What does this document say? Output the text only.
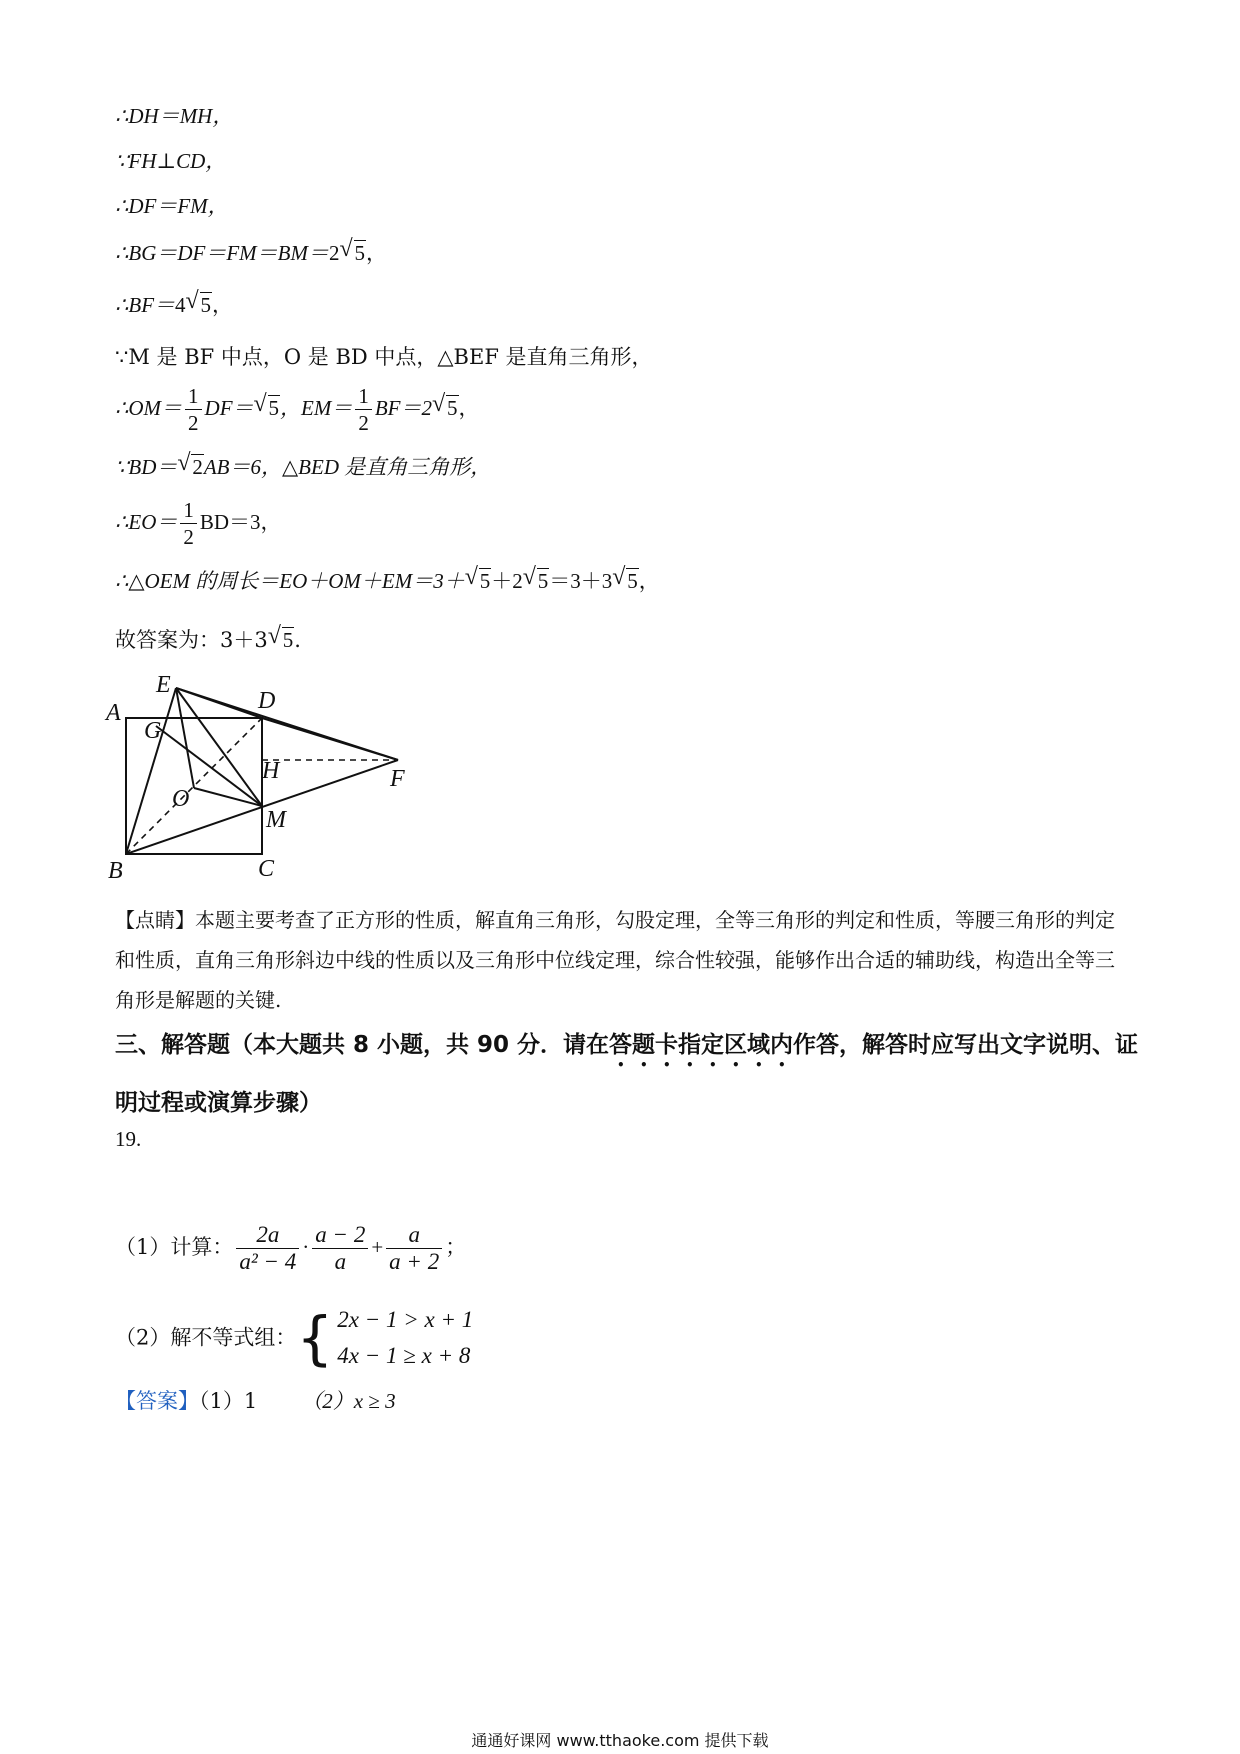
∴DH＝MH，
∵FH⊥CD，
∴DF＝FM，
∴BG＝DF＝FM＝BM＝2√ 5，
∴BF＝4√ 5，
∵M 是 BF 中点，O 是 BD 中点，△BEF 是直角三角形，
∴OM＝ $\frac{1}{2} DF=√$ 5，$EM= \frac{1}{2} BF=2√$ 5，
∵BD＝√ 2AB＝6，△BED 是直角三角形，
∴EO＝ $\frac{1}{2} BD=3$，
∴△OEM 的周长＝EO＋OM＋EM＝3＋√ 5＋2√ 5＝3＋3√ 5，
故答案为：3＋3√ 5.
E
A	D
G
H	F
O
M
B	C
【点睛】本题主要考查了正方形的性质，解直角三角形，勾股定理，全等三角形的判定和性质，等腰三角形的判定和性质，直角三角形斜边中线的性质以及三角形中位线定理，综合性较强，能够作出合适的辅助线，构造出全等三角形是解题的关键.
三、解答题（本大题共 8 小题，共 90 分．请在答题卡指定区域内作答，解答时应写出文字说明、证明过程或演算步骤）
19.
（1）计算： $\frac{2a}{\text{a² − 4}} \cdot \frac{a - 2}{a} + \frac{a}{a + 2}$ ；
（2）解不等式组：{ 2x − 1 > x + 1
4x − 1 ≥ x + 8
【答案】（1）1 （2）x ≥ 3
通通好课网 www.tthaoke.com 提供下载
